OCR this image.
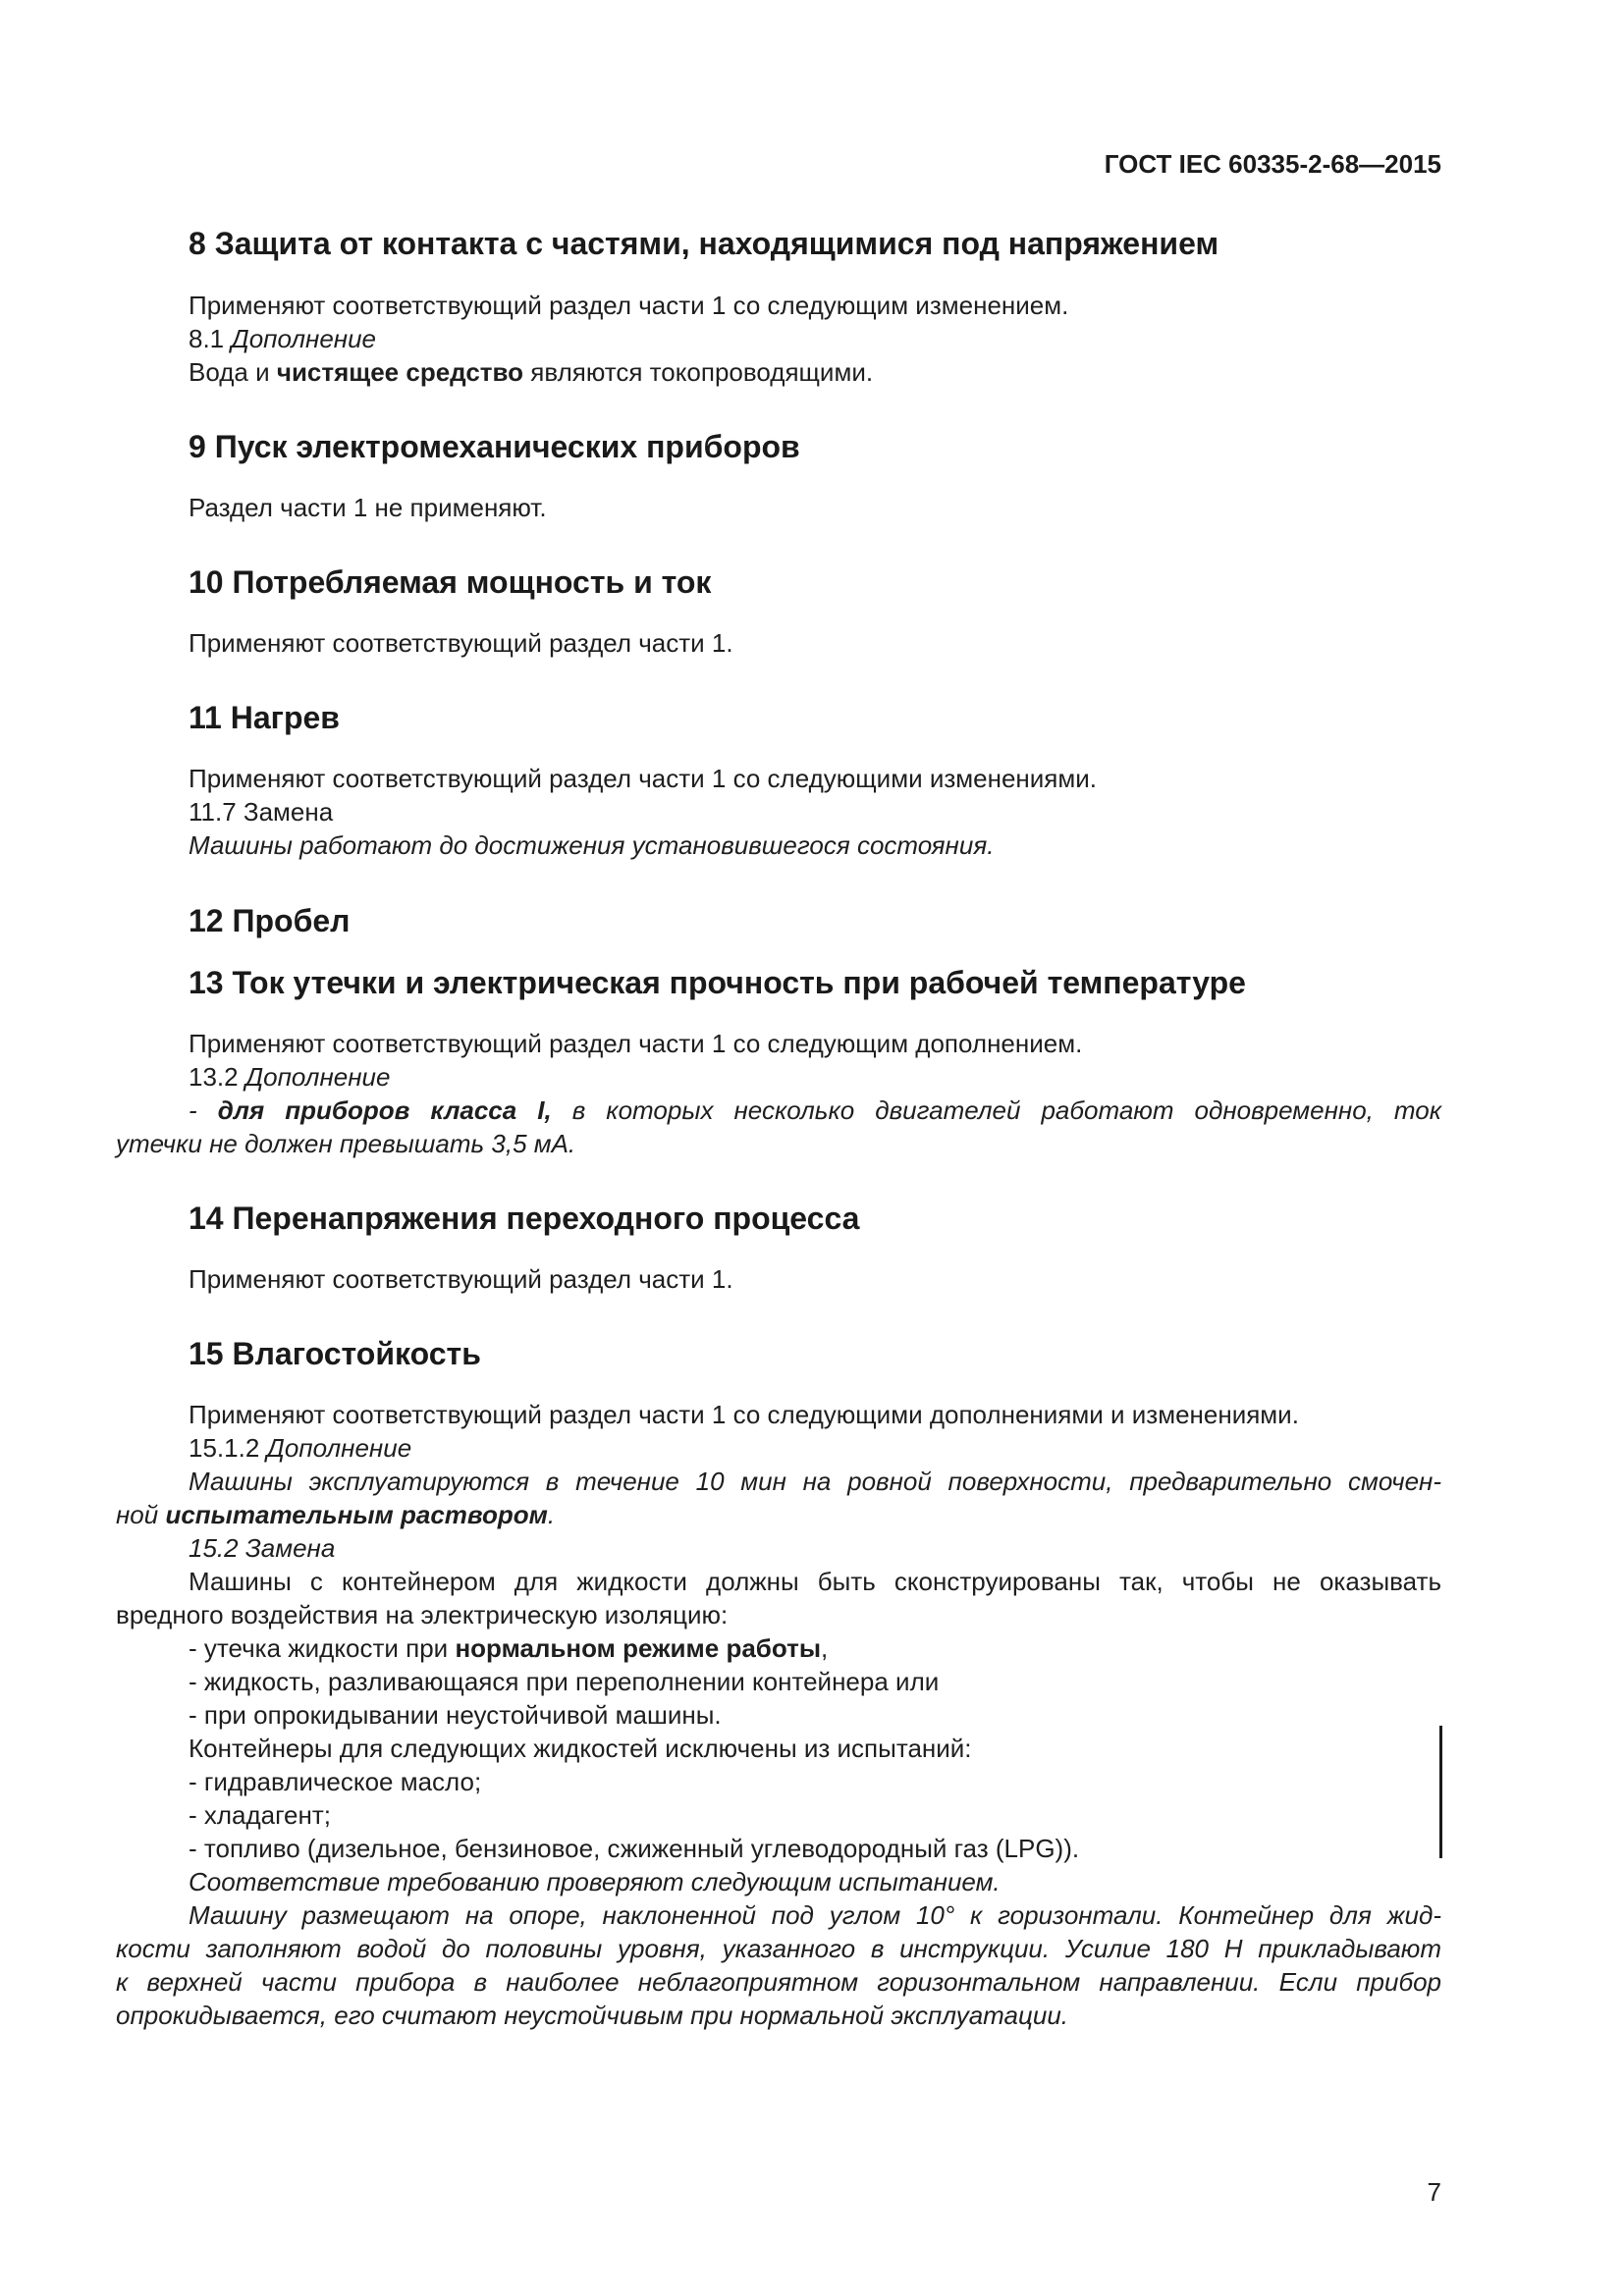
ГОСТ IEC 60335-2-68—2015
8 Защита от контакта с частями, находящимися под напряжением
Применяют соответствующий раздел части 1 со следующим изменением.
8.1 Дополнение
Вода и чистящее средство являются токопроводящими.
9 Пуск электромеханических приборов
Раздел части 1 не применяют.
10 Потребляемая мощность и ток
Применяют соответствующий раздел части 1.
11 Нагрев
Применяют соответствующий раздел части 1 со следующими изменениями.
11.7 Замена
Машины работают до достижения установившегося состояния.
12 Пробел
13 Ток утечки и электрическая прочность при рабочей температуре
Применяют соответствующий раздел части 1 со следующим дополнением.
13.2 Дополнение
- для приборов класса I, в которых несколько двигателей работают одновременно, ток
утечки не должен превышать 3,5 мА.
14 Перенапряжения переходного процесса
Применяют соответствующий раздел части 1.
15 Влагостойкость
Применяют соответствующий раздел части 1 со следующими дополнениями и изменениями.
15.1.2 Дополнение
Машины эксплуатируются в течение 10 мин на ровной поверхности, предварительно смочен-
ной испытательным раствором.
15.2 Замена
Машины с контейнером для жидкости должны быть сконструированы так, чтобы не оказывать
вредного воздействия на электрическую изоляцию:
- утечка жидкости при нормальном режиме работы,
- жидкость, разливающаяся при переполнении контейнера или
- при опрокидывании неустойчивой машины.
Контейнеры для следующих жидкостей исключены из испытаний:
- гидравлическое масло;
- хладагент;
- топливо (дизельное, бензиновое, сжиженный углеводородный газ (LPG)).
Соответствие требованию проверяют следующим испытанием.
Машину размещают на опоре, наклоненной под углом 10° к горизонтали. Контейнер для жид-
кости заполняют водой до половины уровня, указанного в инструкции. Усилие 180 Н прикладывают
к верхней части прибора в наиболее неблагоприятном горизонтальном направлении. Если прибор
опрокидывается, его считают неустойчивым при нормальной эксплуатации.
7
